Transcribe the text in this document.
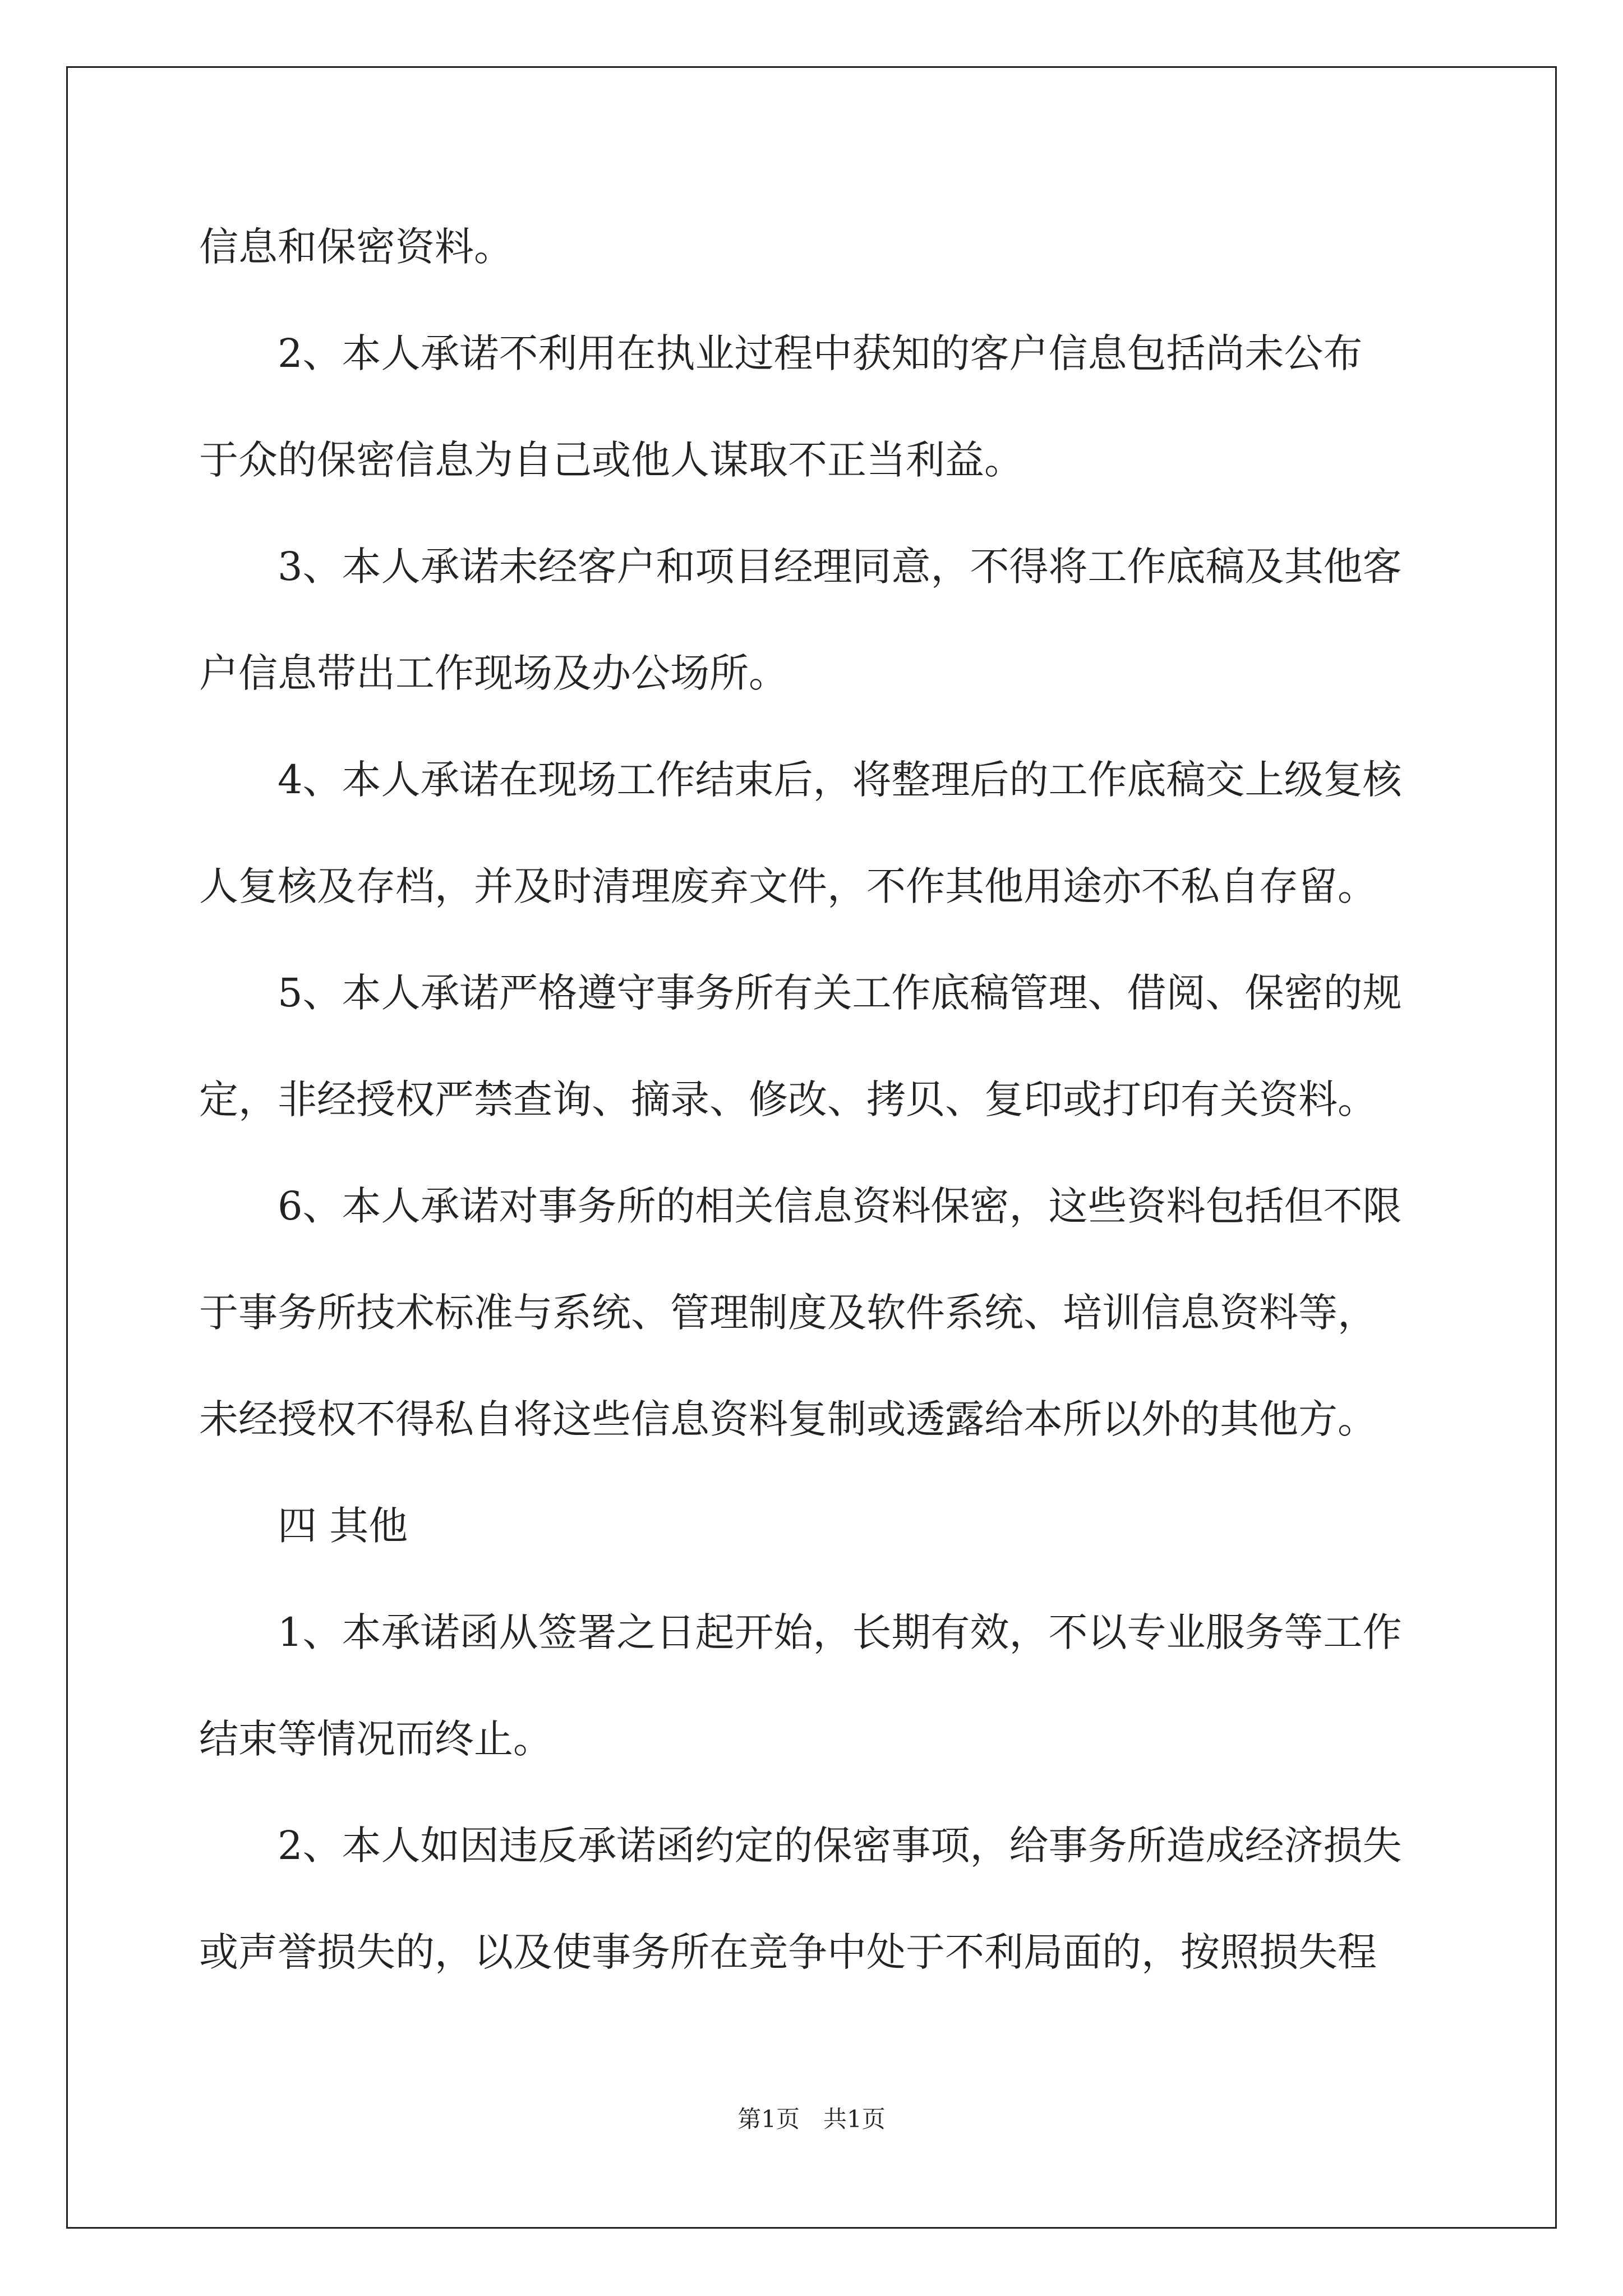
信息和保密资料。

2、本人承诺不利用在执业过程中获知的客户信息包括尚未公布

于众的保密信息为自己或他人谋取不正当利益。

3、本人承诺未经客户和项目经理同意，不得将工作底稿及其他客

户信息带出工作现场及办公场所。

4、本人承诺在现场工作结束后，将整理后的工作底稿交上级复核

人复核及存档，并及时清理废弃文件，不作其他用途亦不私自存留。

5、本人承诺严格遵守事务所有关工作底稿管理、借阅、保密的规

定，非经授权严禁查询、摘录、修改、拷贝、复印或打印有关资料。

6、本人承诺对事务所的相关信息资料保密，这些资料包括但不限

于事务所技术标准与系统、管理制度及软件系统、培训信息资料等，

未经授权不得私自将这些信息资料复制或透露给本所以外的其他方。

四 其他

1、本承诺函从签署之日起开始，长期有效，不以专业服务等工作

结束等情况而终止。

2、本人如因违反承诺函约定的保密事项，给事务所造成经济损失

或声誉损失的，以及使事务所在竞争中处于不利局面的，按照损失程

第1页　共1页
